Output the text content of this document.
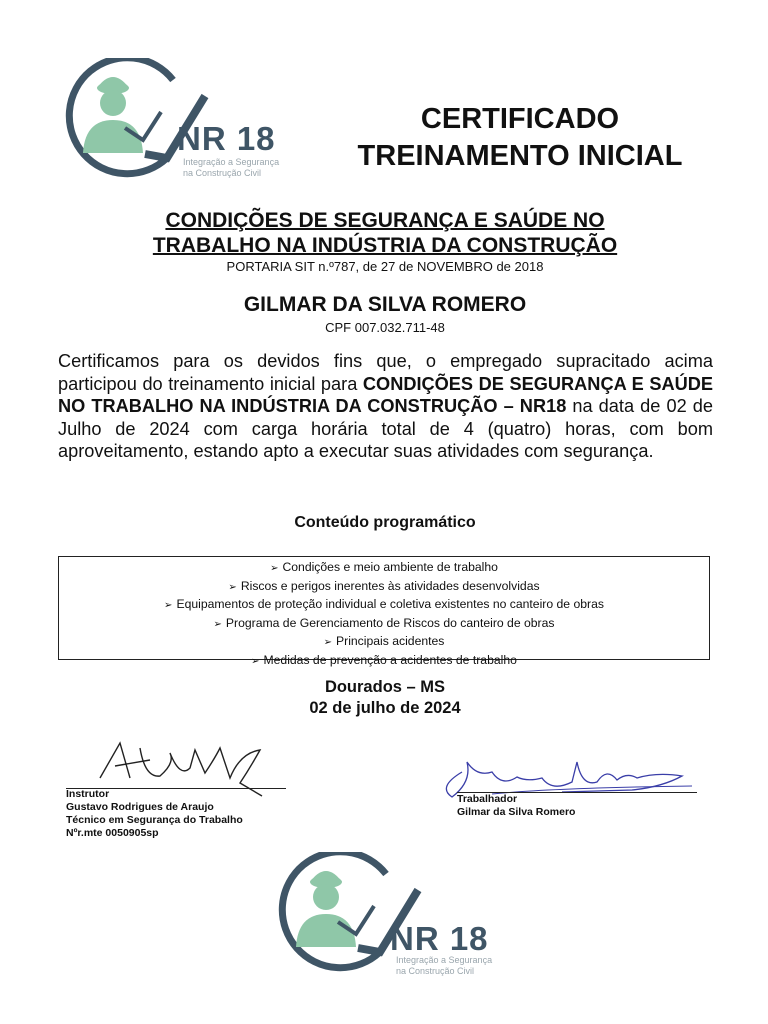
NR 18
Integração a Segurança
na Construção Civil
CERTIFICADO
TREINAMENTO INICIAL
CONDIÇÕES DE SEGURANÇA E SAÚDE NO
TRABALHO NA INDÚSTRIA DA CONSTRUÇÃO
PORTARIA SIT n.º787, de 27 de NOVEMBRO de 2018
GILMAR DA SILVA ROMERO
CPF 007.032.711-48
Certificamos para os devidos fins que, o empregado supracitado acima participou do treinamento inicial para CONDIÇÕES DE SEGURANÇA E SAÚDE NO TRABALHO NA INDÚSTRIA DA CONSTRUÇÃO – NR18 na data de 02 de Julho de 2024 com carga horária total de 4 (quatro) horas, com bom aproveitamento, estando apto a executar suas atividades com segurança.
Conteúdo programático
➢ Condições e meio ambiente de trabalho
➢ Riscos e perigos inerentes às atividades desenvolvidas
➢ Equipamentos de proteção individual e coletiva existentes no canteiro de obras
➢ Programa de Gerenciamento de Riscos do canteiro de obras
➢ Principais acidentes
➢ Medidas de prevenção a acidentes de trabalho
Dourados – MS
02 de julho de 2024
Instrutor
Gustavo Rodrigues de Araujo
Técnico em Segurança do Trabalho
Nºr.mte 0050905sp
Trabalhador
Gilmar da Silva Romero
NR 18
Integração a Segurança
na Construção Civil
